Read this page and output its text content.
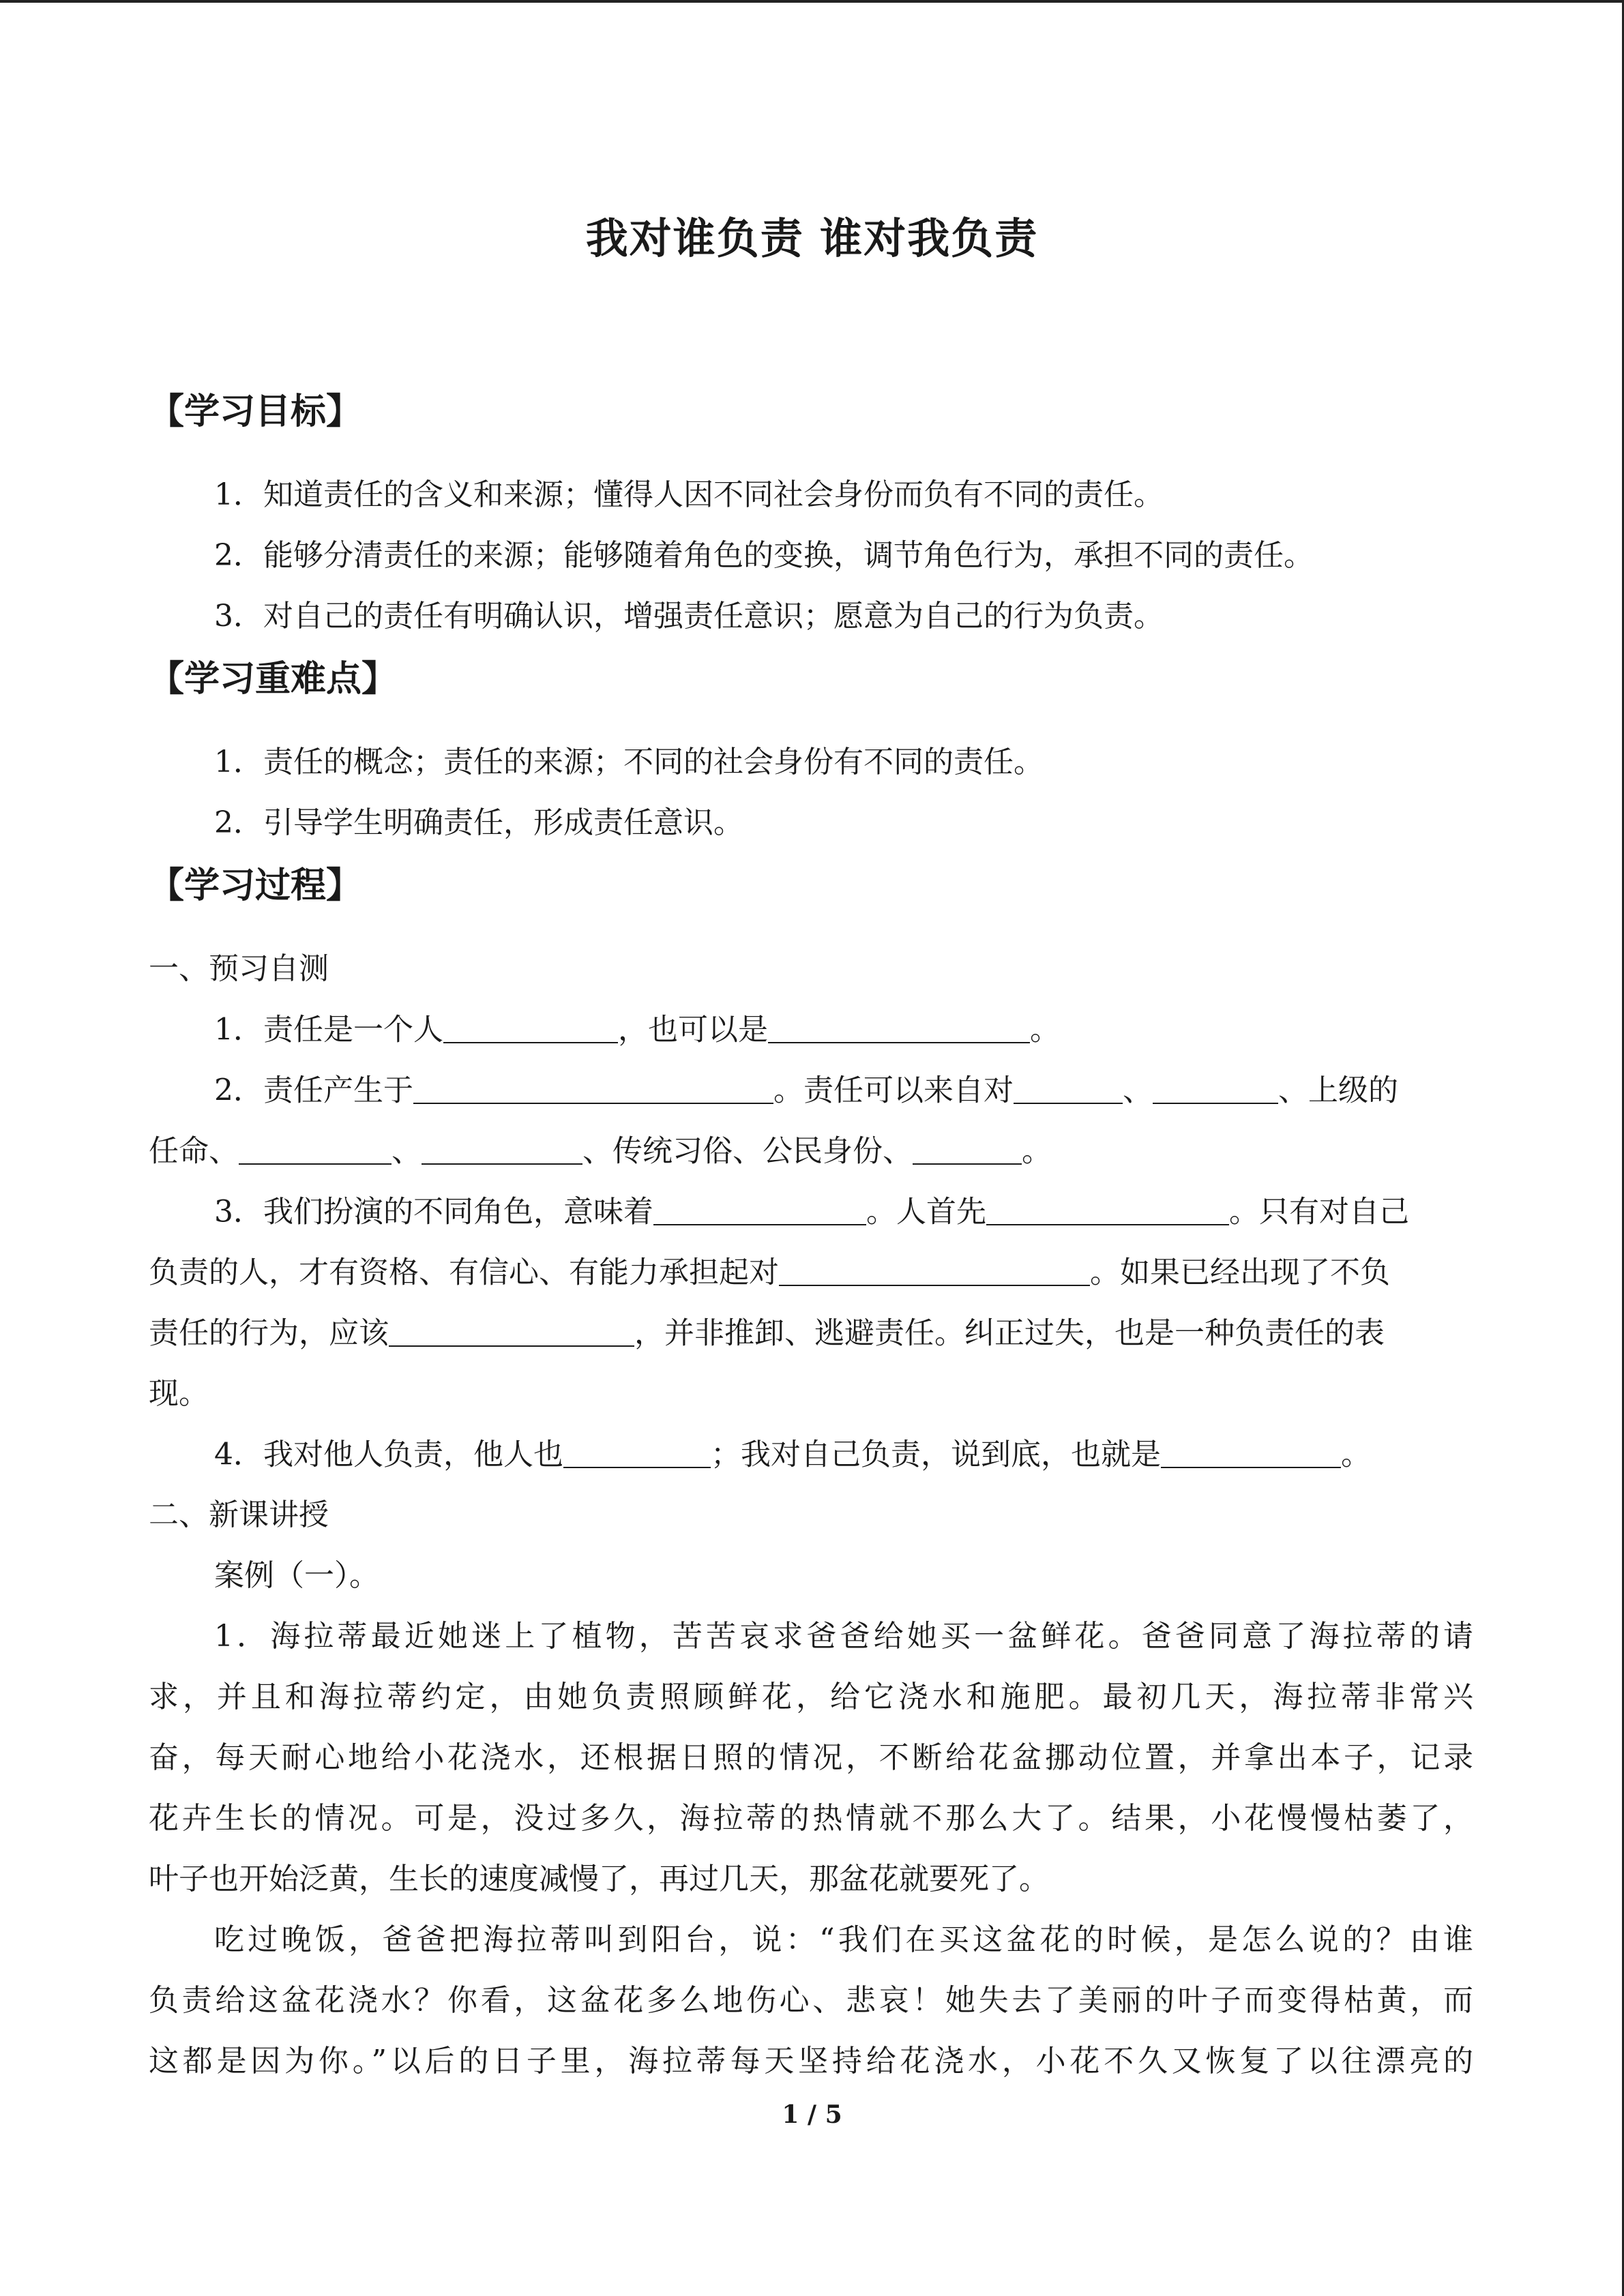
我对谁负责 谁对我负责
【学习目标】
1．知道责任的含义和来源；懂得人因不同社会身份而负有不同的责任。
2．能够分清责任的来源；能够随着角色的变换，调节角色行为，承担不同的责任。
3．对自己的责任有明确认识，增强责任意识；愿意为自己的行为负责。
【学习重难点】
1．责任的概念；责任的来源；不同的社会身份有不同的责任。
2．引导学生明确责任，形成责任意识。
【学习过程】
一、预习自测
1．责任是一个人	，也可以是	。
2．责任产生于	。责任可以来自对	、	、上级的
任命、	、	、传统习俗、公民身份、	。
3．我们扮演的不同角色，意味着	。人首先	。只有对自己
负责的人，才有资格、有信心、有能力承担起对	。如果已经出现了不负
责任的行为，应该	，并非推卸、逃避责任。纠正过失，也是一种负责任的表
现。
4．我对他人负责，他人也	；我对自己负责，说到底，也就是	。
二、新课讲授
案例（一）。
1．海拉蒂最近她迷上了植物，苦苦哀求爸爸给她买一盆鲜花。爸爸同意了海拉蒂的请
求，并且和海拉蒂约定，由她负责照顾鲜花，给它浇水和施肥。最初几天，海拉蒂非常兴
奋，每天耐心地给小花浇水，还根据日照的情况，不断给花盆挪动位置，并拿出本子，记录
花卉生长的情况。可是，没过多久，海拉蒂的热情就不那么大了。结果，小花慢慢枯萎了，
叶子也开始泛黄，生长的速度减慢了，再过几天，那盆花就要死了。
吃过晚饭，爸爸把海拉蒂叫到阳台，说：“我们在买这盆花的时候，是怎么说的？由谁
负责给这盆花浇水？你看，这盆花多么地伤心、悲哀！她失去了美丽的叶子而变得枯黄，而
这都是因为你。”以后的日子里，海拉蒂每天坚持给花浇水，小花不久又恢复了以往漂亮的
1 / 5
